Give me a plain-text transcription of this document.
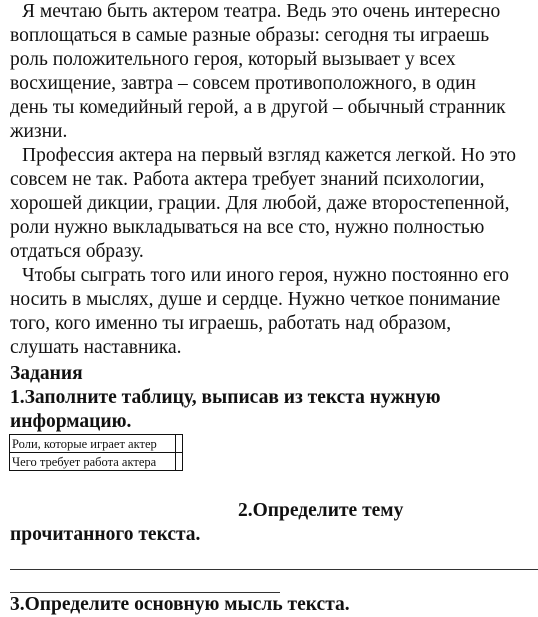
Я мечтаю быть актером театра. Ведь это очень интересно
воплощаться в самые разные образы: сегодня ты играешь
роль положительного героя, который вызывает у всех
восхищение, завтра – совсем противоположного, в один
день ты комедийный герой, а в другой – обычный странник
жизни.
Профессия актера на первый взгляд кажется легкой. Но это
совсем не так. Работа актера требует знаний психологии,
хорошей дикции, грации. Для любой, даже второстепенной,
роли нужно выкладываться на все сто, нужно полностью
отдаться образу.
Чтобы сыграть того или иного героя, нужно постоянно его
носить в мыслях, душе и сердце. Нужно четкое понимание
того, кого именно ты играешь, работать над образом,
слушать наставника.
Задания
1.Заполните таблицу, выписав из текста нужную
информацию.
Роли, которые играет актер	
Чего требует работа актера	
2.Определите тему
прочитанного текста.
3.Определите основную мысль текста.
